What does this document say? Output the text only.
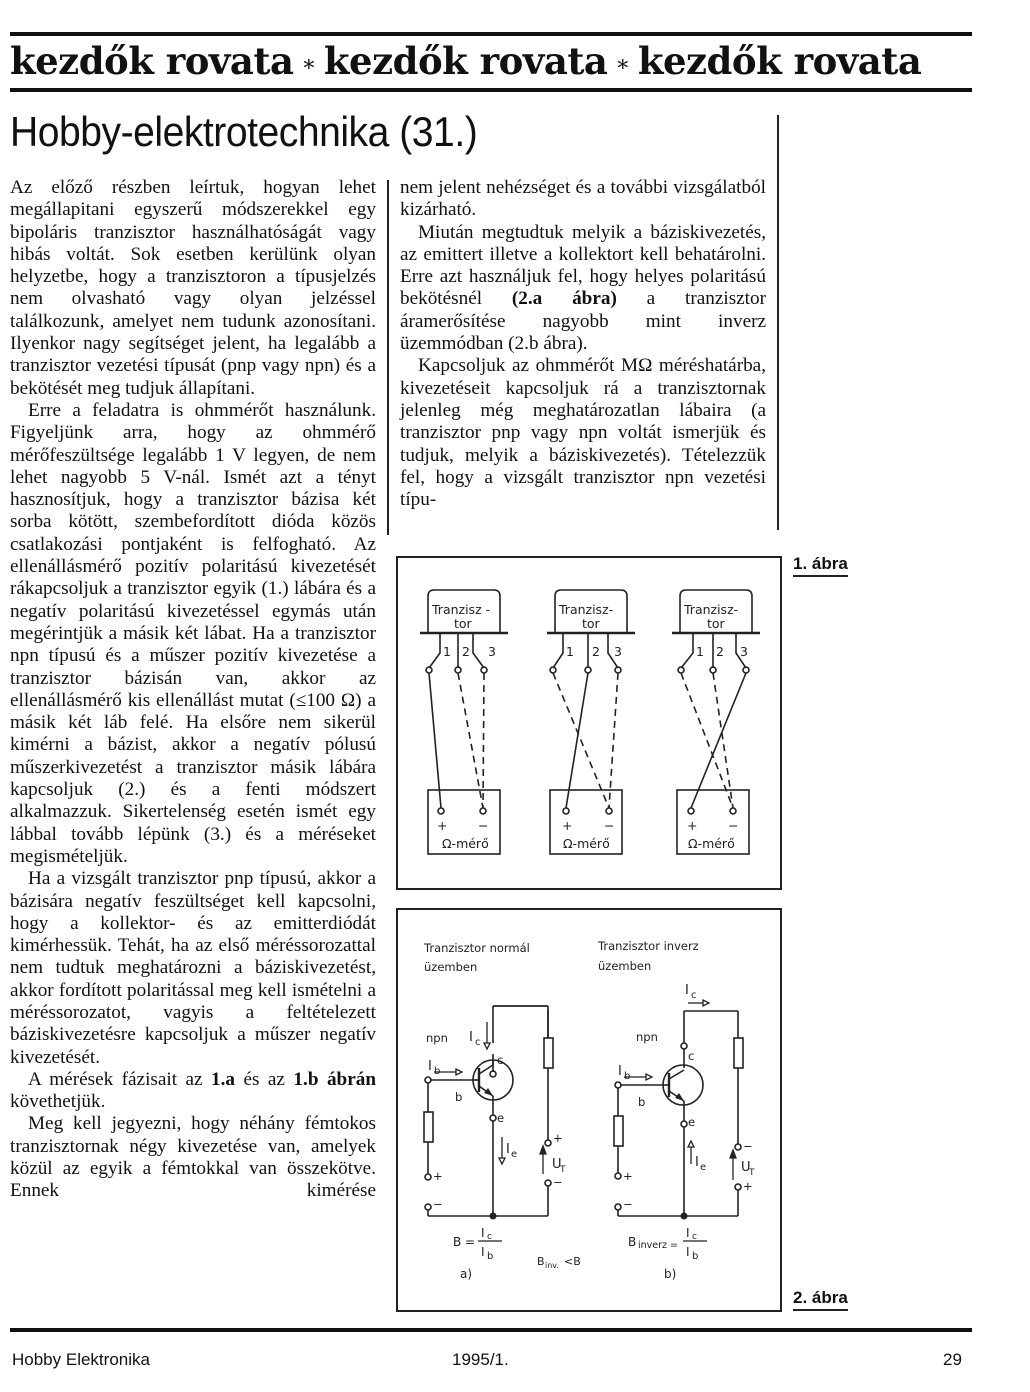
kezdők rovata ∗ kezdők rovata ∗ kezdők rovata
Hobby-elektrotechnika (31.)

Az előző részben leírtuk, hogyan lehet megállapitani egyszerű módszerekkel egy bipoláris tranzisztor használhatóságát vagy hibás voltát. Sok esetben kerülünk olyan helyzetbe, hogy a tranzisztoron a típusjelzés nem olvasható vagy olyan jelzéssel találkozunk, amelyet nem tudunk azonosítani. Ilyenkor nagy segítséget jelent, ha legalább a tranzisztor vezetési típusát (pnp vagy npn) és a bekötését meg tudjuk állapítani.

Erre a feladatra is ohmmérőt használunk. Figyeljünk arra, hogy az ohmmérő mérőfeszültsége legalább 1 V legyen, de nem lehet nagyobb 5 V-nál. Ismét azt a tényt hasznosítjuk, hogy a tranzisztor bázisa két sorba kötött, szembefordított dióda közös csatlakozási pontjaként is felfogható. Az ellenállásmérő pozitív polaritású kivezetését rákapcsoljuk a tranzisztor egyik (1.) lábára és a negatív polaritású kivezetéssel egymás után megérintjük a másik két lábat. Ha a tranzisztor npn típusú és a műszer pozitív kivezetése a tranzisztor bázisán van, akkor az ellenállásmérő kis ellenállást mutat (≤100 Ω) a másik két láb felé. Ha elsőre nem sikerül kimérni a bázist, akkor a negatív pólusú műszerkivezetést a tranzisztor másik lábára kapcsoljuk (2.) és a fenti módszert alkalmazzuk. Sikertelenség esetén ismét egy lábbal tovább lépünk (3.) és a méréseket megismételjük.

Ha a vizsgált tranzisztor pnp típusú, akkor a bázisára negatív feszültséget kell kapcsolni, hogy a kollektor- és az emitterdiódát kimérhessük. Tehát, ha az első méréssorozattal nem tudtuk meghatározni a báziskivezetést, akkor fordított polaritással meg kell ismételni a méréssorozatot, vagyis a feltételezett báziskivezetésre kapcsoljuk a műszer negatív kivezetését.

A mérések fázisait az 1.a és az 1.b ábrán követhetjük.

Meg kell jegyezni, hogy néhány fémtokos tranzisztornak négy kivezetése van, amelyek közül az egyik a fémtokkal van összekötve. Ennek kimérése

nem jelent nehézséget és a további vizsgálatból kizárható.

Miután megtudtuk melyik a báziskivezetés, az emittert illetve a kollektort kell behatárolni. Erre azt használjuk fel, hogy helyes polaritású bekötésnél (2.a ábra) a tranzisztor áramerősítése nagyobb mint inverz üzemmódban (2.b ábra).

Kapcsoljuk az ohmmérőt MΩ méréshatárba, kivezetéseit kapcsoljuk rá a tranzisztornak jelenleg még meghatározatlan lábaira (a tranzisztor pnp vagy npn voltát ismerjük és tudjuk, melyik a báziskivezetés). Tételezzük fel, hogy a vizsgált tranzisztor npn vezetési típu-

Tranzisz -
tor
Tranzisz-
tor
Tranzisz-
tor
1 2 3	1 2 3	1 2 3
+ −
Ω-mérő
+	−
Ω-mérő
+ −
Ω-mérő
1. ábra
Tranzisztor normál
üzemben
Tranzisztor inverz
üzemben
npn	npn
I c
I b
I e
c
b
e
U
T
+
−
+
−
I c
I b
I e
c
b
e
U
T
−
+
+
−
B =
I c
I b
B inverz =
I c
I b
B inv. <B
a)	b)
2. ábra
Hobby Elektronika	1995/1.	29
